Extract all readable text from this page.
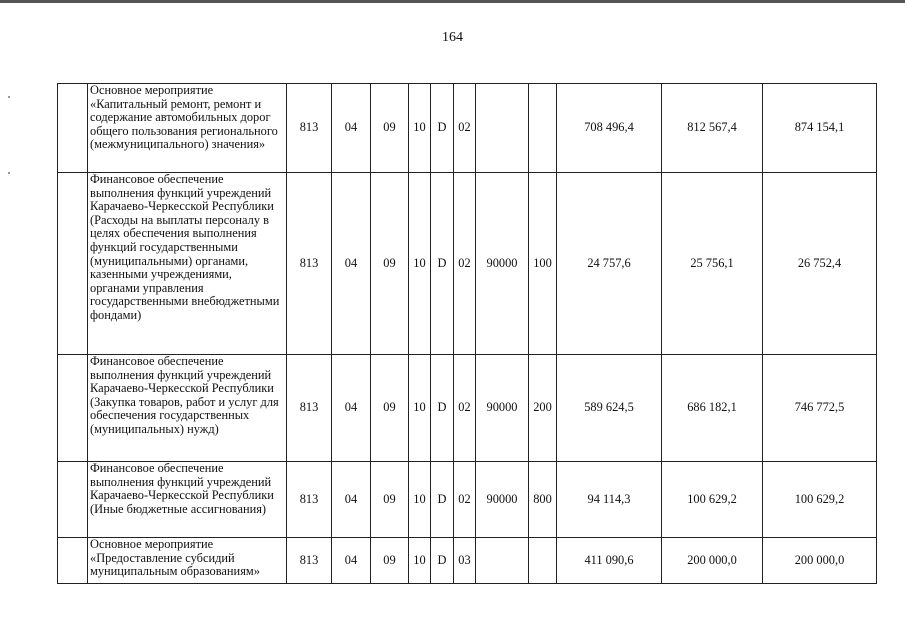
164
	Основное мероприятие «Капитальный ремонт, ремонт и содержание автомобильных дорог общего пользования регионального (межмуниципального) значения»	813	04	09	10	D	02			708 496,4	812 567,4	874 154,1
	Финансовое обеспечение выполнения функций учреждений Карачаево-Черкесской Республики (Расходы на выплаты персоналу в целях обеспечения выполнения функций государственными (муниципальными) органами, казенными учреждениями, органами управления государственными внебюджетными фондами)	813	04	09	10	D	02	90000	100	24 757,6	25 756,1	26 752,4
	Финансовое обеспечение выполнения функций учреждений Карачаево-Черкесской Республики (Закупка товаров, работ и услуг для обеспечения государственных (муниципальных) нужд)	813	04	09	10	D	02	90000	200	589 624,5	686 182,1	746 772,5
	Финансовое обеспечение выполнения функций учреждений Карачаево-Черкесской Республики (Иные бюджетные ассигнования)	813	04	09	10	D	02	90000	800	94 114,3	100 629,2	100 629,2
	Основное мероприятие «Предоставление субсидий муниципальным образованиям»	813	04	09	10	D	03			411 090,6	200 000,0	200 000,0
